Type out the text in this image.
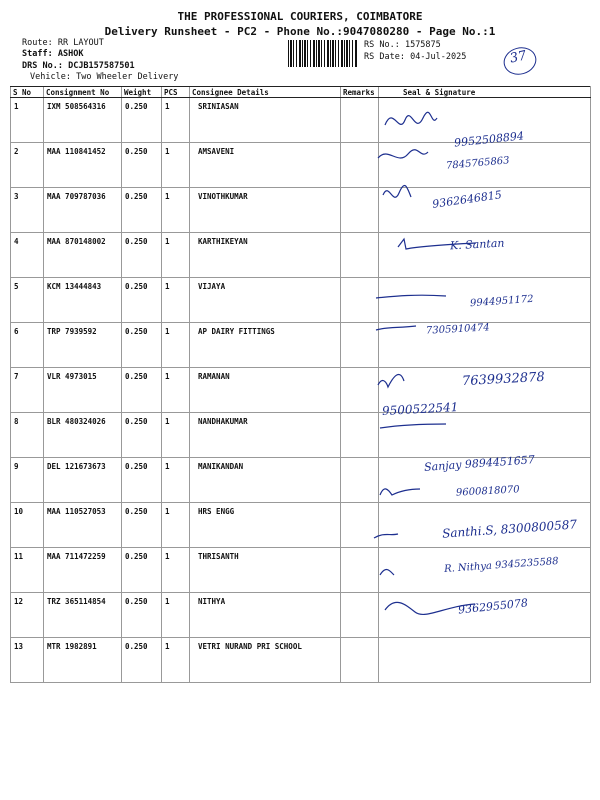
THE PROFESSIONAL COURIERS, COIMBATORE
Delivery Runsheet - PC2 - Phone No.:9047080280 - Page No.:1
Route: RR LAYOUT
Staff: ASHOK
DRS No.: DCJB157587501
Vehicle: Two Wheeler Delivery
RS No.: 1575875
RS Date: 04-Jul-2025	37
S No	Consignment No	Weight	PCS	Consignee Details	Remarks	Seal & Signature
1	IXM 508564316	0.250	1	SRINIASAN		
2	MAA 110841452	0.250	1	AMSAVENI		
3	MAA 709787036	0.250	1	VINOTHKUMAR		
4	MAA 870148002	0.250	1	KARTHIKEYAN		
5	KCM 13444843	0.250	1	VIJAYA		
6	TRP 7939592	0.250	1	AP DAIRY FITTINGS		
7	VLR 4973015	0.250	1	RAMANAN		
8	BLR 480324026	0.250	1	NANDHAKUMAR		
9	DEL 121673673	0.250	1	MANIKANDAN		
10	MAA 110527053	0.250	1	HRS ENGG		
11	MAA 711472259	0.250	1	THRISANTH		
12	TRZ 365114854	0.250	1	NITHYA		
13	MTR 1982891	0.250	1	VETRI NURAND PRI SCHOOL		
9952508894
7845765863
9362646815
K. Santan
9944951172
7305910474
7639932878
9500522541
Sanjay 9894451657
9600818070
Santhi.S, 8300800587
R. Nithya 9345235588
9362955078
